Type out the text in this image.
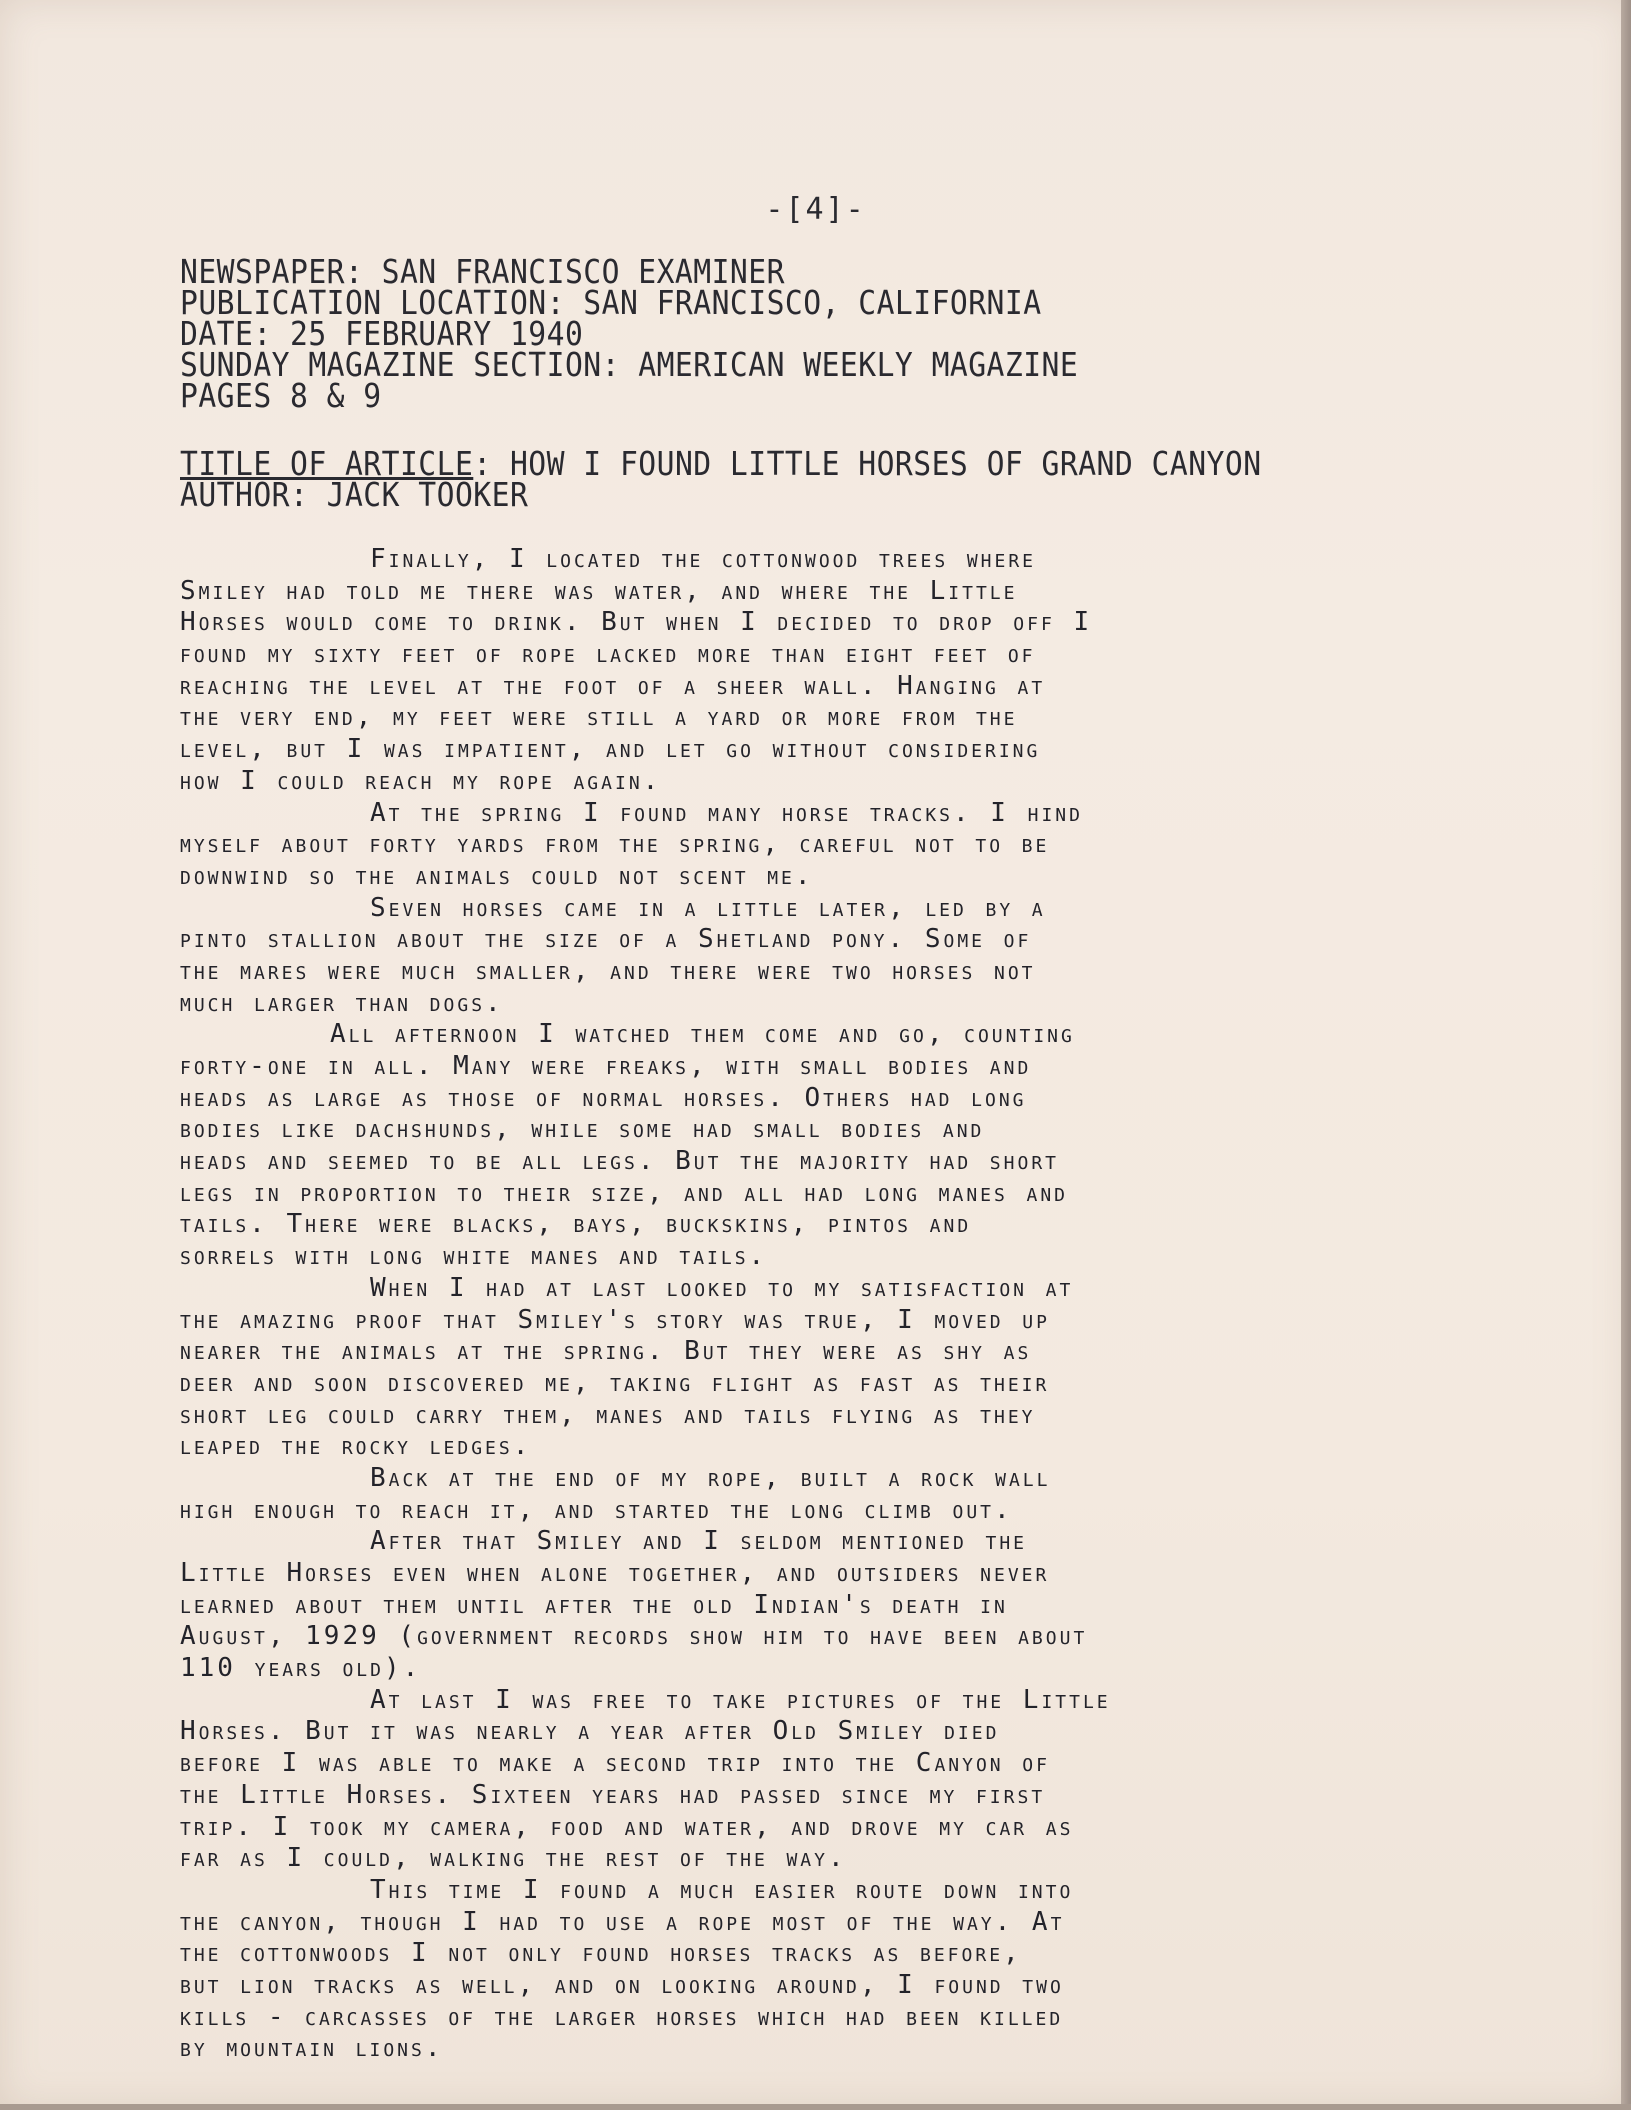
-[4]-
NEWSPAPER: SAN FRANCISCO EXAMINER
PUBLICATION LOCATION: SAN FRANCISCO, CALIFORNIA
DATE: 25 FEBRUARY 1940
SUNDAY MAGAZINE SECTION: AMERICAN WEEKLY MAGAZINE
PAGES 8 & 9
TITLE OF ARTICLE: HOW I FOUND LITTLE HORSES OF GRAND CANYON
AUTHOR: JACK TOOKER
Finally, I located the cottonwood trees where
Smiley had told me there was water, and where the Little
Horses would come to drink. But when I decided to drop off I
found my sixty feet of rope lacked more than eight feet of
reaching the level at the foot of a sheer wall. Hanging at
the very end, my feet were still a yard or more from the
level, but I was impatient, and let go without considering
how I could reach my rope again.
At the spring I found many horse tracks. I hind
myself about forty yards from the spring, careful not to be
downwind so the animals could not scent me.
Seven horses came in a little later, led by a
pinto stallion about the size of a Shetland pony. Some of
the mares were much smaller, and there were two horses not
much larger than dogs.
All afternoon I watched them come and go, counting
forty-one in all. Many were freaks, with small bodies and
heads as large as those of normal horses. Others had long
bodies like dachshunds, while some had small bodies and
heads and seemed to be all legs. But the majority had short
legs in proportion to their size, and all had long manes and
tails. There were blacks, bays, buckskins, pintos and
sorrels with long white manes and tails.
When I had at last looked to my satisfaction at
the amazing proof that Smiley's story was true, I moved up
nearer the animals at the spring. But they were as shy as
deer and soon discovered me, taking flight as fast as their
short leg could carry them, manes and tails flying as they
leaped the rocky ledges.
Back at the end of my rope, built a rock wall
high enough to reach it, and started the long climb out.
After that Smiley and I seldom mentioned the
Little Horses even when alone together, and outsiders never
learned about them until after the old Indian's death in
August, 1929 (government records show him to have been about
110 years old).
At last I was free to take pictures of the Little
Horses. But it was nearly a year after Old Smiley died
before I was able to make a second trip into the Canyon of
the Little Horses. Sixteen years had passed since my first
trip. I took my camera, food and water, and drove my car as
far as I could, walking the rest of the way.
This time I found a much easier route down into
the canyon, though I had to use a rope most of the way. At
the cottonwoods I not only found horses tracks as before,
but lion tracks as well, and on looking around, I found two
kills - carcasses of the larger horses which had been killed
by mountain lions.
